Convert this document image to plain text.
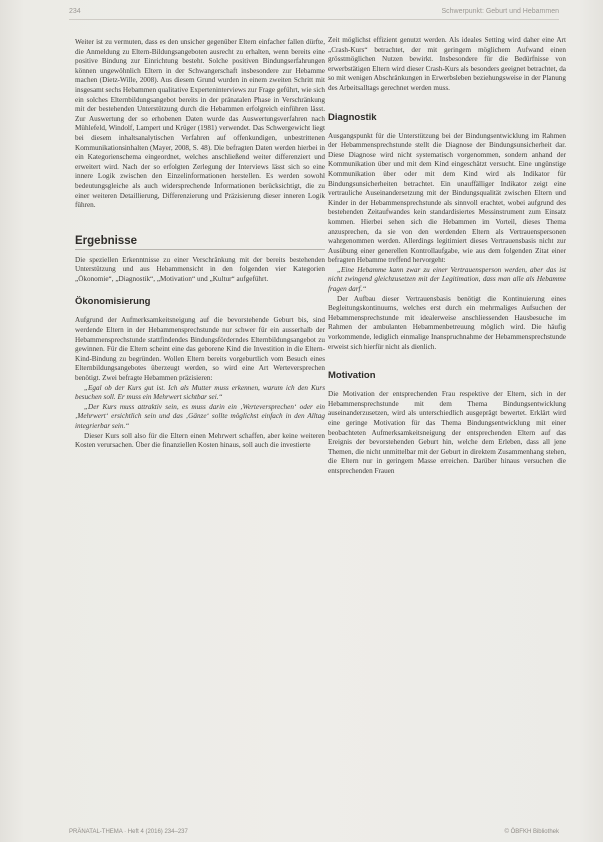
234	Schwerpunkt: Geburt und Hebammen

Weiter ist zu vermuten, dass es den unsicher gegenüber Eltern einfacher fallen dürfte, die Anmeldung zu Eltern-Bildungsangeboten ausrecht zu erhalten, wenn bereits eine positive Bindung zur Einrichtung besteht. Solche positiven Bindungserfahrungen können ungewöhnlich Eltern in der Schwangerschaft insbesondere zur Hebamme machen (Dietz-Wille, 2008). Aus diesem Grund wurden in einem zweiten Schritt mit insgesamt sechs Hebammen qualitative Experteninterviews zur Frage geführt, wie sich ein solches Elternbildungsangebot bereits in der pränatalen Phase in Verschränkung mit der bestehenden Unterstützung durch die Hebammen erfolgreich einführen lässt. Zur Auswertung der so erhobenen Daten wurde das Auswertungsverfahren nach Mühlefeld, Windolf, Lampert und Krüger (1981) verwendet. Das Schwergewicht liegt bei diesem inhaltsanalytischen Verfahren auf offenkundigen, unbestrittenen Kommunikationsinhalten (Mayer, 2008, S. 48). Die befragten Daten werden hierbei in ein Kategorienschema eingeordnet, welches anschließend weiter differenziert und erweitert wird. Nach der so erfolgten Zerlegung der Interviews lässt sich so eine innere Logik zwischen den Einzelinformationen herstellen. Es werden sowohl bedeutungsgleiche als auch widersprechende Informationen berücksichtigt, die zu einer weiteren Detaillierung, Differenzierung und Präzisierung dieser inneren Logik führen.

Ergebnisse

Die speziellen Erkenntnisse zu einer Verschränkung mit der bereits bestehenden Unterstützung und aus Hebammensicht in den folgenden vier Kategorien „Ökonomie“, „Diagnostik“, „Motivation“ und „Kultur“ aufgeführt.

Ökonomisierung

Aufgrund der Aufmerksamkeitsneigung auf die bevorstehende Geburt bis, sind werdende Eltern in der Hebammensprechstunde nur schwer für ein ausserhalb der Hebammensprechstunde stattfindendes Bindungsförderndes Elternbildungsangebot zu gewinnen. Für die Eltern scheint eine das geborene Kind die Investition in die Eltern-Kind-Bindung zu begründen. Wollen Eltern bereits vorgeburtlich vom Besuch eines Elternbildungsangebotes überzeugt werden, so wird eine Art Werteversprechen benötigt. Zwei befragte Hebammen präzisieren:

„Egal ob der Kurs gut ist. Ich als Mutter muss erkennen, warum ich den Kurs besuchen soll. Er muss ein Mehrwert sichtbar sei.“

„Der Kurs muss attraktiv sein, es muss darin ein ‚Werteversprechen‘ oder ein ‚Mehrwert‘ ersichtlich sein und das ‚Gänze‘ sollte möglichst einfach in den Alltag integrierbar sein.“

Dieser Kurs soll also für die Eltern einen Mehrwert schaffen, aber keine weiteren Kosten verursachen. Über die finanziellen Kosten hinaus, soll auch die investierte

Zeit möglichst effizient genutzt werden. Als ideales Setting wird daher eine Art „Crash-Kurs“ betrachtet, der mit geringem möglichem Aufwand einen grösstmöglichen Nutzen bewirkt. Insbesondere für die Bedürfnisse von erwerbstätigen Eltern wird dieser Crash-Kurs als besonders geeignet betrachtet, da so mit wenigen Abschränkungen in Erwerbsleben beziehungsweise in der Planung des Arbeitsalltags gerechnet werden muss.

Diagnostik

Ausgangspunkt für die Unterstützung bei der Bindungsentwicklung im Rahmen der Hebammensprechstunde stellt die Diagnose der Bindungsunsicherheit dar. Diese Diagnose wird nicht systematisch vorgenommen, sondern anhand der Kommunikation über und mit dem Kind eingeschätzt versucht. Eine ungünstige Kommunikation über oder mit dem Kind wird als Indikator für Bindungsunsicherheiten betrachtet. Ein unauffälliger Indikator zeigt eine vertrauliche Auseinandersetzung mit der Bindungsqualität zwischen Eltern und Kinder in der Hebammensprechstunde als sinnvoll erachtet, wobei aufgrund des bestehenden Zeitaufwandes kein standardisiertes Messinstrument zum Einsatz kommen. Hierbei sehen sich die Hebammen im Vorteil, dieses Thema anzusprechen, da sie von den werdenden Eltern als Vertrauenspersonen wahrgenommen werden. Allerdings legitimiert dieses Vertrauensbasis nicht zur Ausübung einer generellen Kontrollaufgabe, wie aus dem folgenden Zitat einer befragten Hebamme treffend hervorgeht:

„Eine Hebamme kann zwar zu einer Vertrauensperson werden, aber das ist nicht zwingend gleichzusetzen mit der Legitimation, dass man alle als Hebamme fragen darf.“

Der Aufbau dieser Vertrauensbasis benötigt die Kontinuierung eines Begleitungskontinuums, welches erst durch ein mehrmaliges Aufsuchen der Hebammensprechstunde mit idealerweise anschliessenden Hausbesuche im Rahmen der ambulanten Hebammenbetreuung möglich wird. Die häufig vorkommende, lediglich einmalige Inanspruchnahme der Hebammensprechstunde erweist sich hierfür nicht als dienlich.

Motivation

Die Motivation der entsprechenden Frau respektive der Eltern, sich in der Hebammensprechstunde mit dem Thema Bindungsentwicklung auseinanderzusetzen, wird als unterschiedlich ausgeprägt bewertet. Erklärt wird eine geringe Motivation für das Thema Bindungsentwicklung mit einer beobachteten Aufmerksamkeitsneigung der entsprechenden Eltern auf das Ereignis der bevorstehenden Geburt hin, welche dem Erleben, dass all jene Themen, die nicht unmittelbar mit der Geburt in direktem Zusammenhang stehen, die Eltern nur in geringem Masse erreichen. Darüber hinaus versuchen die entsprechenden Frauen

PRÄNATAL-THEMA · Heft 4 (2016) 234–237	© ÖBFKH Bibliothek
